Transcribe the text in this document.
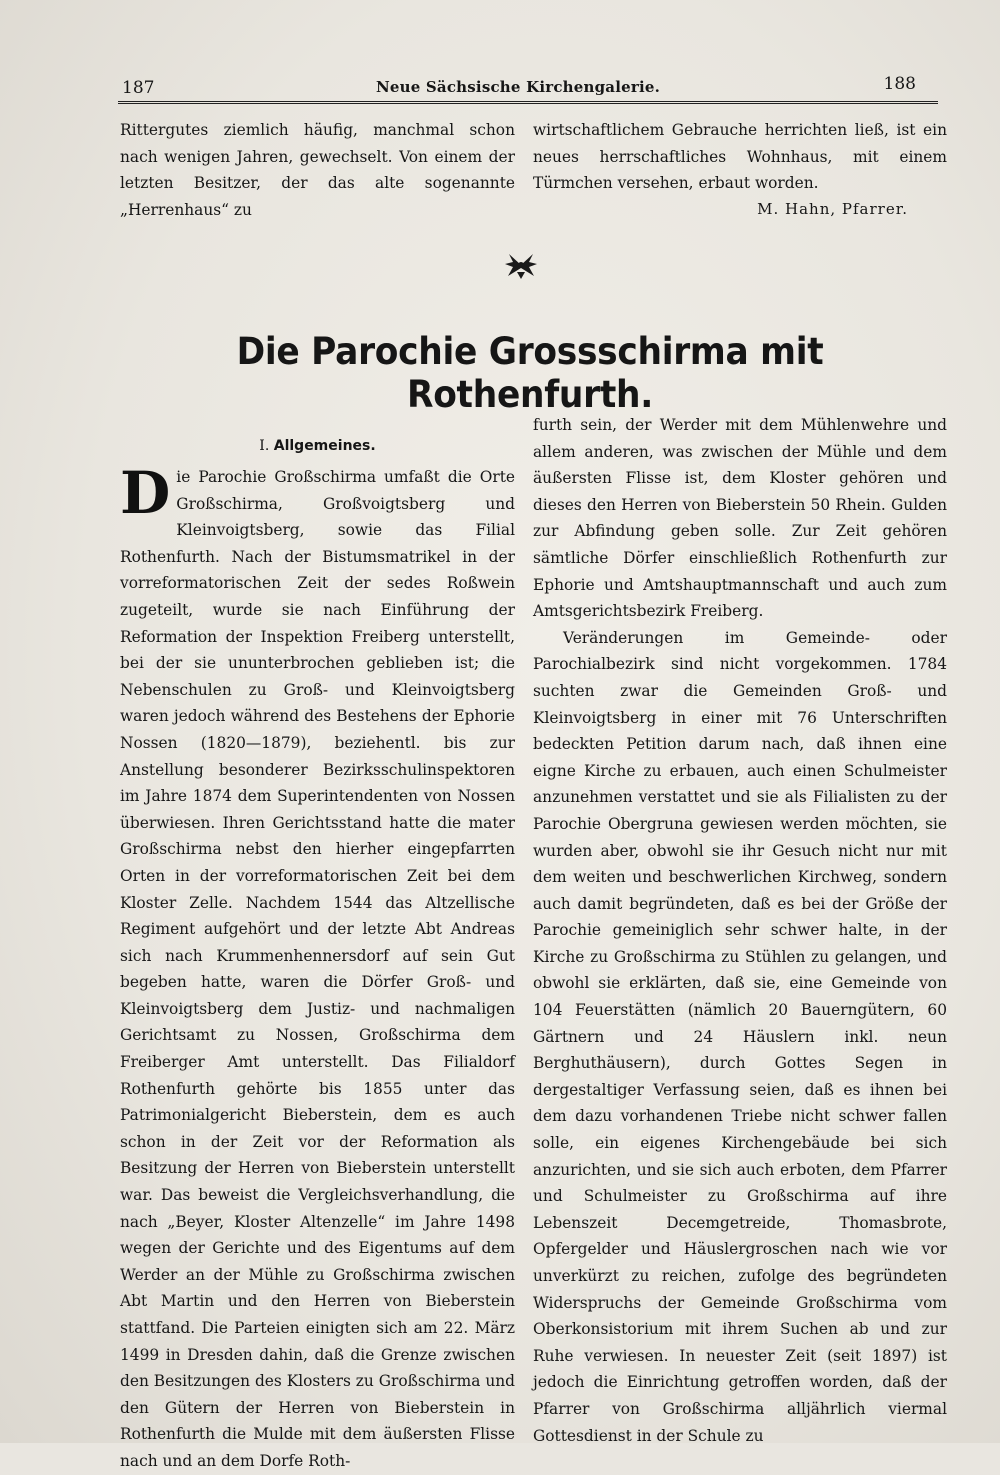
187	Neue Sächsische Kirchengalerie.	188

Rittergutes ziemlich häufig, manchmal schon nach wenigen Jahren, gewechselt. Von einem der letzten Besitzer, der das alte sogenannte „Herrenhaus“ zu

wirtschaftlichem Gebrauche herrichten ließ, ist ein neues herrschaftliches Wohnhaus, mit einem Türmchen versehen, erbaut worden.

M. Hahn, Pfarrer.
Die Parochie Grossschirma mit Rothenfurth.
I. Allgemeines.

Die Parochie Großschirma umfaßt die Orte Großschirma, Großvoigtsberg und Kleinvoigtsberg, sowie das Filial Rothenfurth. Nach der Bistumsmatrikel in der vorreformatorischen Zeit der sedes Roßwein zugeteilt, wurde sie nach Einführung der Reformation der Inspektion Freiberg unterstellt, bei der sie ununterbrochen geblieben ist; die Nebenschulen zu Groß- und Kleinvoigtsberg waren jedoch während des Bestehens der Ephorie Nossen (1820—1879), beziehentl. bis zur Anstellung besonderer Bezirksschulinspektoren im Jahre 1874 dem Superintendenten von Nossen überwiesen. Ihren Gerichtsstand hatte die mater Großschirma nebst den hierher eingepfarrten Orten in der vorreformatorischen Zeit bei dem Kloster Zelle. Nachdem 1544 das Altzellische Regiment aufgehört und der letzte Abt Andreas sich nach Krummenhennersdorf auf sein Gut begeben hatte, waren die Dörfer Groß- und Kleinvoigtsberg dem Justiz- und nachmaligen Gerichtsamt zu Nossen, Großschirma dem Freiberger Amt unterstellt. Das Filialdorf Rothenfurth gehörte bis 1855 unter das Patrimonialgericht Bieberstein, dem es auch schon in der Zeit vor der Reformation als Besitzung der Herren von Bieberstein unterstellt war. Das beweist die Vergleichsverhandlung, die nach „Beyer, Kloster Altenzelle“ im Jahre 1498 wegen der Gerichte und des Eigentums auf dem Werder an der Mühle zu Großschirma zwischen Abt Martin und den Herren von Bieberstein stattfand. Die Parteien einigten sich am 22. März 1499 in Dresden dahin, daß die Grenze zwischen den Besitzungen des Klosters zu Großschirma und den Gütern der Herren von Bieberstein in Rothenfurth die Mulde mit dem äußersten Flisse nach und an dem Dorfe Roth-

furth sein, der Werder mit dem Mühlenwehre und allem anderen, was zwischen der Mühle und dem äußersten Flisse ist, dem Kloster gehören und dieses den Herren von Bieberstein 50 Rhein. Gulden zur Abfindung geben solle. Zur Zeit gehören sämtliche Dörfer einschließlich Rothenfurth zur Ephorie und Amtshauptmannschaft und auch zum Amtsgerichtsbezirk Freiberg.

Veränderungen im Gemeinde- oder Parochialbezirk sind nicht vorgekommen. 1784 suchten zwar die Gemeinden Groß- und Kleinvoigtsberg in einer mit 76 Unterschriften bedeckten Petition darum nach, daß ihnen eine eigne Kirche zu erbauen, auch einen Schulmeister anzunehmen verstattet und sie als Filialisten zu der Parochie Obergruna gewiesen werden möchten, sie wurden aber, obwohl sie ihr Gesuch nicht nur mit dem weiten und beschwerlichen Kirchweg, sondern auch damit begründeten, daß es bei der Größe der Parochie gemeiniglich sehr schwer halte, in der Kirche zu Großschirma zu Stühlen zu gelangen, und obwohl sie erklärten, daß sie, eine Gemeinde von 104 Feuerstätten (nämlich 20 Bauerngütern, 60 Gärtnern und 24 Häuslern inkl. neun Berghuthäusern), durch Gottes Segen in dergestaltiger Verfassung seien, daß es ihnen bei dem dazu vorhandenen Triebe nicht schwer fallen solle, ein eigenes Kirchengebäude bei sich anzurichten, und sie sich auch erboten, dem Pfarrer und Schulmeister zu Großschirma auf ihre Lebenszeit Decemgetreide, Thomasbrote, Opfergelder und Häuslergroschen nach wie vor unverkürzt zu reichen, zufolge des begründeten Widerspruchs der Gemeinde Großschirma vom Oberkonsistorium mit ihrem Suchen ab und zur Ruhe verwiesen. In neuester Zeit (seit 1897) ist jedoch die Einrichtung getroffen worden, daß der Pfarrer von Großschirma alljährlich viermal Gottesdienst in der Schule zu
